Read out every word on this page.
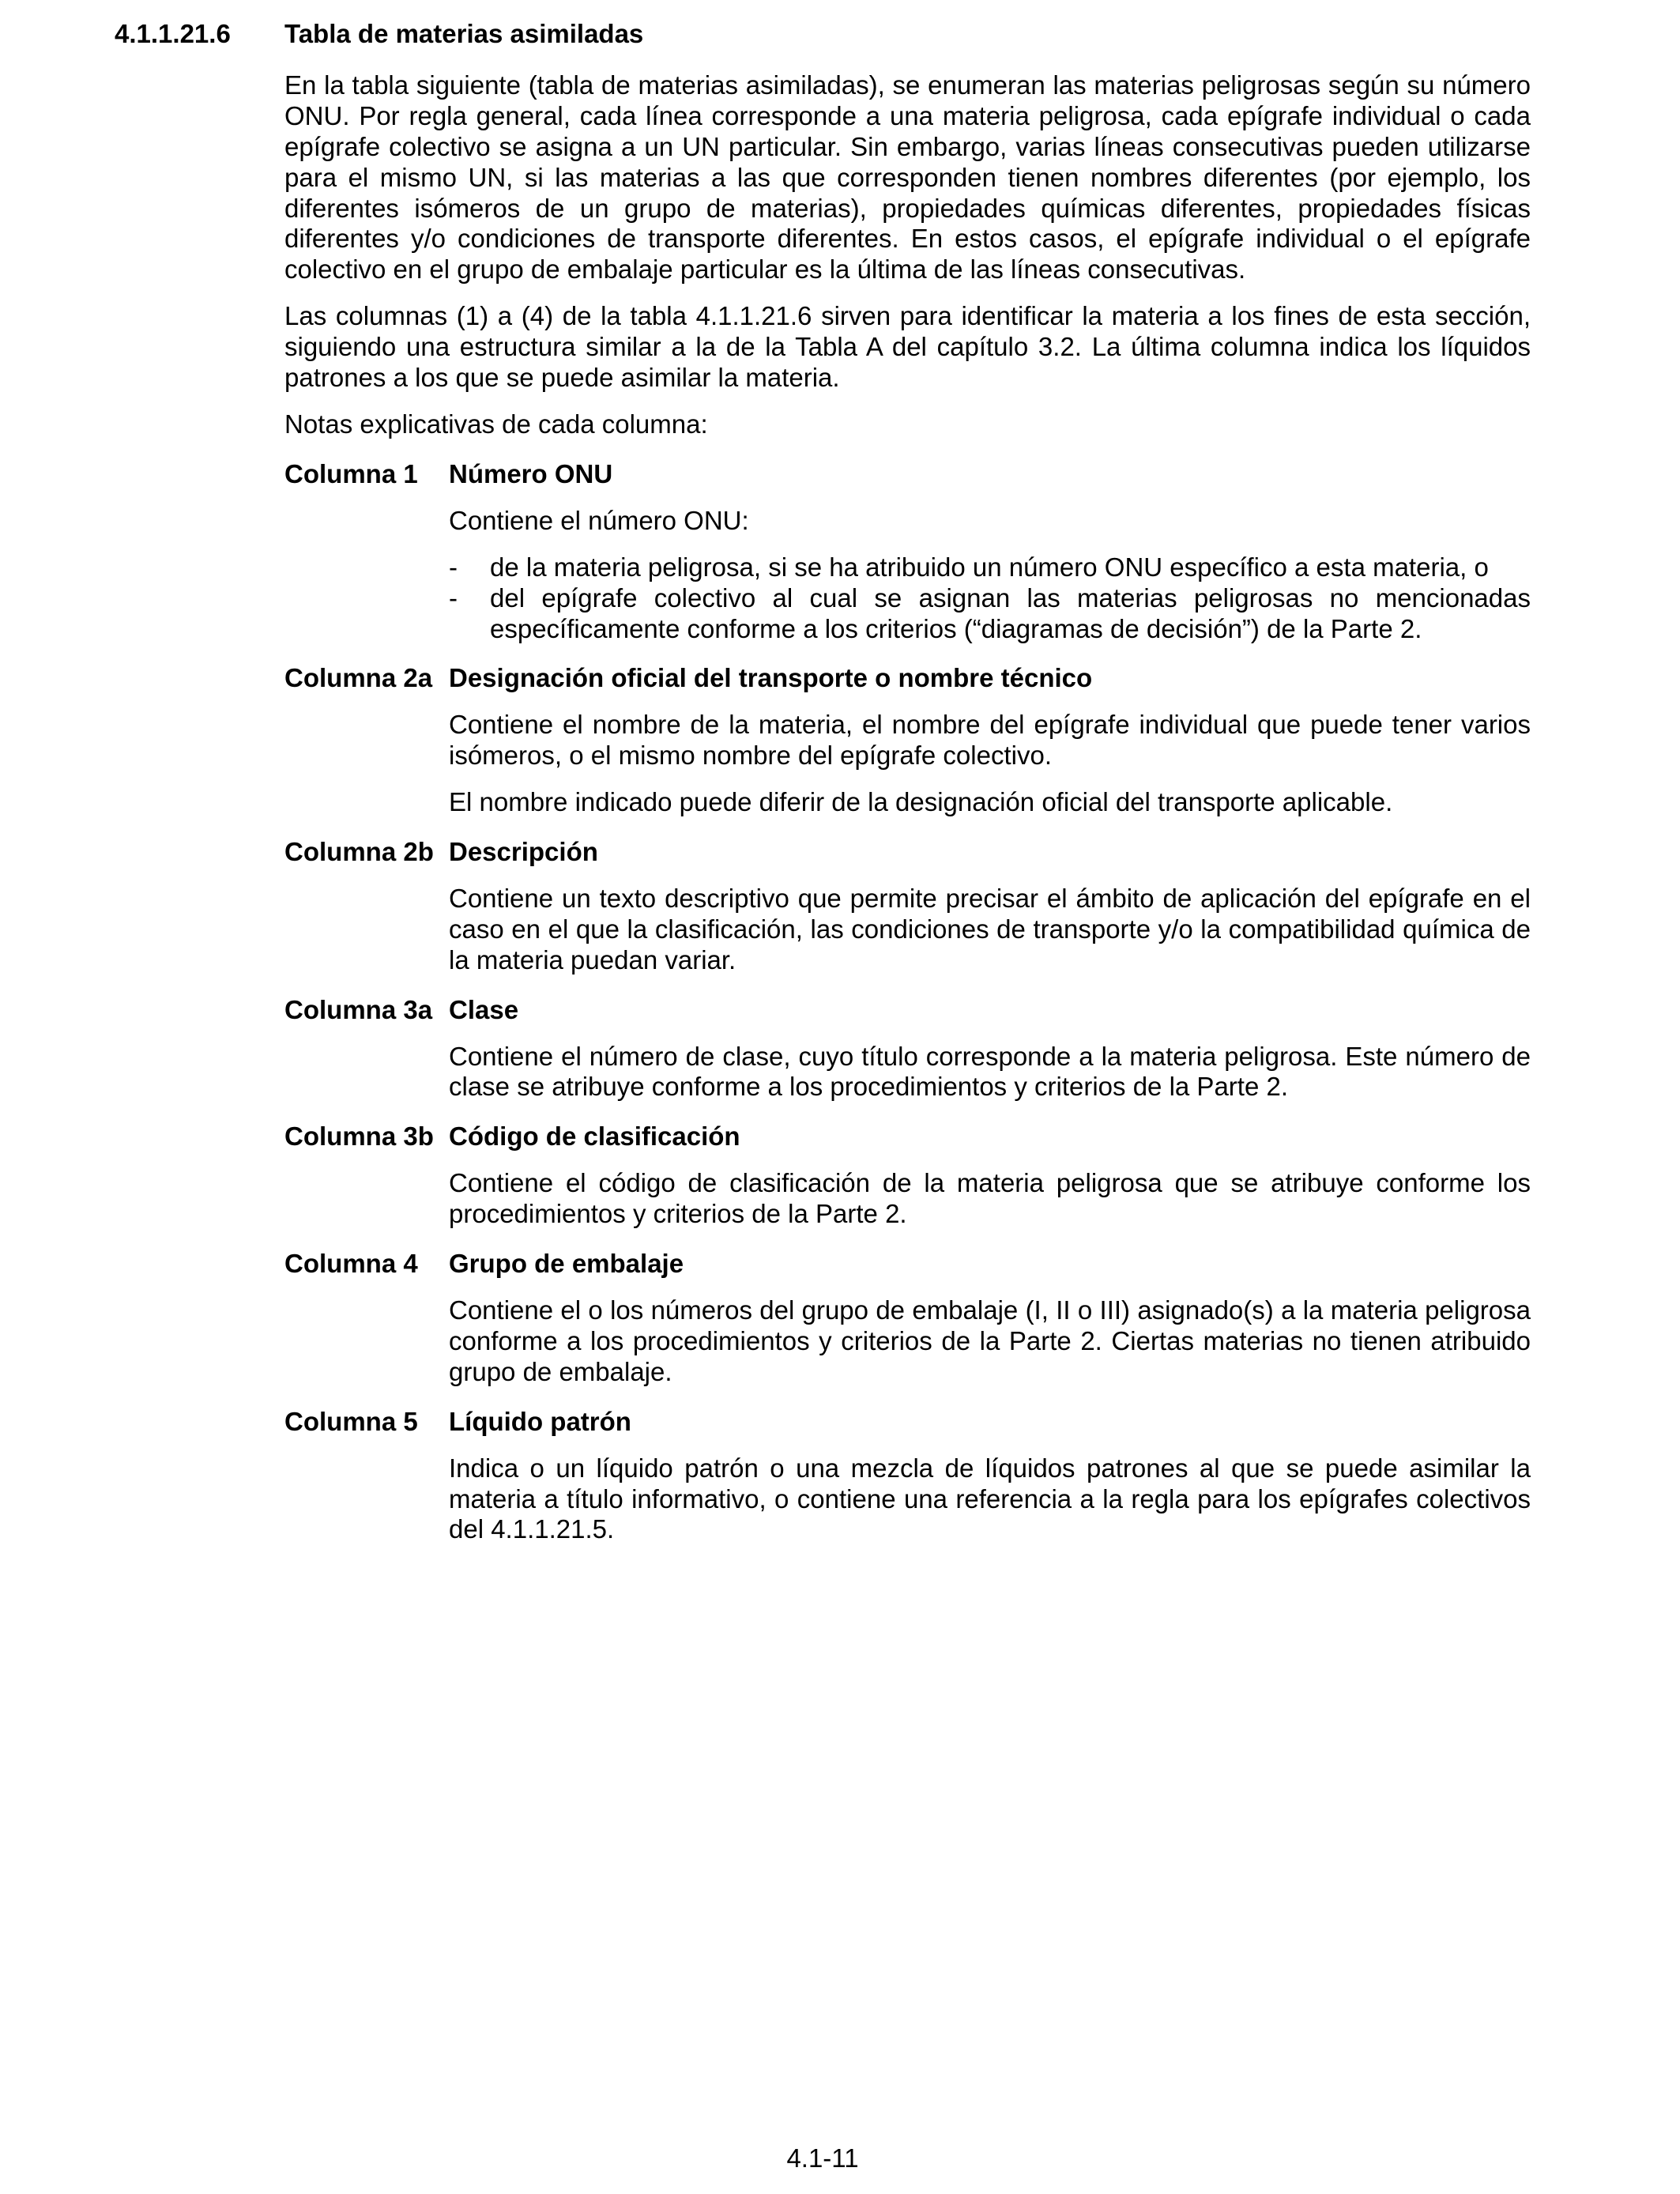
4.1.1.21.6	Tabla de materias asimiladas

En la tabla siguiente (tabla de materias asimiladas), se enumeran las materias peligrosas según su número ONU. Por regla general, cada línea corresponde a una materia peligrosa, cada epígrafe individual o cada epígrafe colectivo se asigna a un UN particular. Sin embargo, varias líneas consecutivas pueden utilizarse para el mismo UN, si las materias a las que corresponden tienen nombres diferentes (por ejemplo, los diferentes isómeros de un grupo de materias), propiedades químicas diferentes, propiedades físicas diferentes y/o condiciones de transporte diferentes. En estos casos, el epígrafe individual o el epígrafe colectivo en el grupo de embalaje particular es la última de las líneas consecutivas.

Las columnas (1) a (4) de la tabla 4.1.1.21.6 sirven para identificar la materia a los fines de esta sección, siguiendo una estructura similar a la de la Tabla A del capítulo 3.2. La última columna indica los líquidos patrones a los que se puede asimilar la materia.

Notas explicativas de cada columna:

Columna 1	Número ONU

Contiene el número ONU:

-	de la materia peligrosa, si se ha atribuido un número ONU específico a esta materia, o
-	del epígrafe colectivo al cual se asignan las materias peligrosas no mencionadas específicamente conforme a los criterios (“diagramas de decisión”) de la Parte 2.
Columna 2a Designación oficial del transporte o nombre técnico

Contiene el nombre de la materia, el nombre del epígrafe individual que puede tener varios isómeros, o el mismo nombre del epígrafe colectivo.

El nombre indicado puede diferir de la designación oficial del transporte aplicable.

Columna 2b Descripción

Contiene un texto descriptivo que permite precisar el ámbito de aplicación del epígrafe en el caso en el que la clasificación, las condiciones de transporte y/o la compatibilidad química de la materia puedan variar.

Columna 3a Clase

Contiene el número de clase, cuyo título corresponde a la materia peligrosa. Este número de clase se atribuye conforme a los procedimientos y criterios de la Parte 2.

Columna 3b Código de clasificación

Contiene el código de clasificación de la materia peligrosa que se atribuye conforme los procedimientos y criterios de la Parte 2.

Columna 4	Grupo de embalaje

Contiene el o los números del grupo de embalaje (I, II o III) asignado(s) a la materia peligrosa conforme a los procedimientos y criterios de la Parte 2. Ciertas materias no tienen atribuido grupo de embalaje.

Columna 5	Líquido patrón

Indica o un líquido patrón o una mezcla de líquidos patrones al que se puede asimilar la materia a título informativo, o contiene una referencia a la regla para los epígrafes colectivos del 4.1.1.21.5.

4.1-11
